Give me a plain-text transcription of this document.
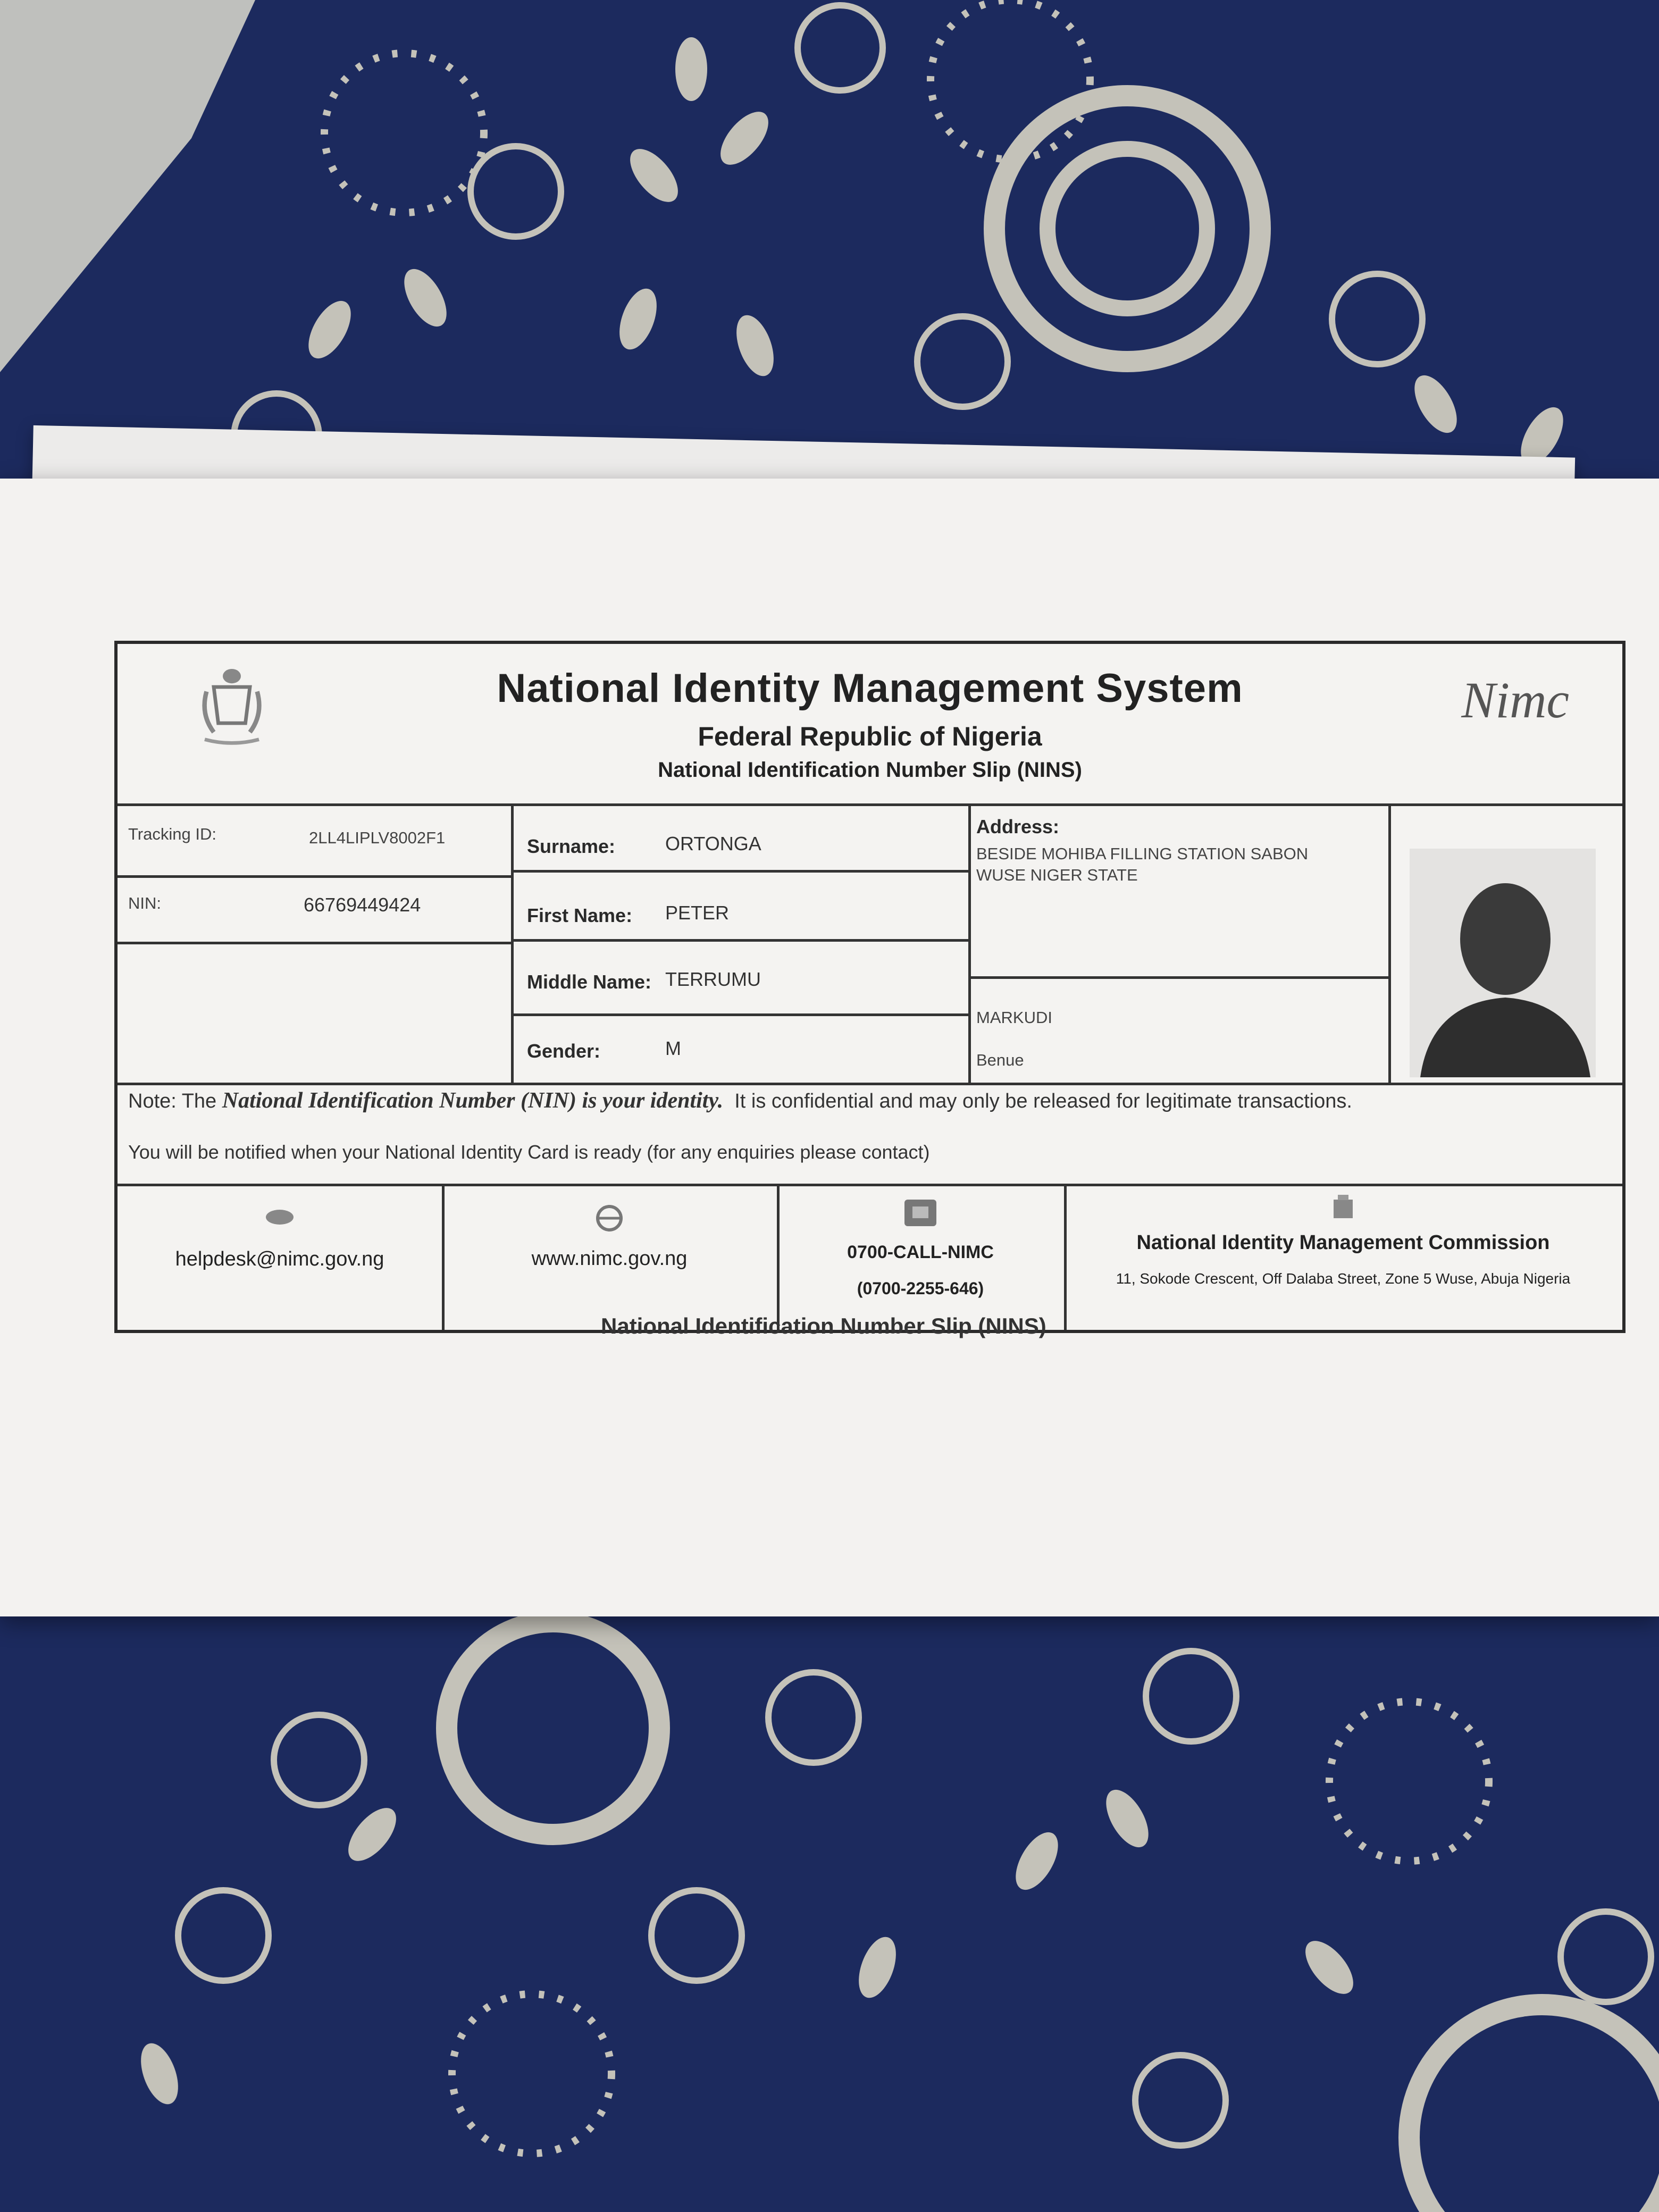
National Identity Management System
Federal Republic of Nigeria
National Identification Number Slip (NINS)
Nimc
Tracking ID:	2LL4LIPLV8002F1
NIN:	66769449424
Surname:	ORTONGA
First Name: PETER
Middle Name: TERRUMU
Gender:	M
Address:
BESIDE MOHIBA FILLING STATION SABON
WUSE NIGER STATE
MARKUDI
Benue
Note: The National Identification Number (NIN) is your identity. It is confidential and may only be released for legitimate transactions.
You will be notified when your National Identity Card is ready (for any enquiries please contact)
helpdesk@nimc.gov.ng	www.nimc.gov.ng	0700-CALL-NIMC
(0700-2255-646)
National Identity Management Commission
11, Sokode Crescent, Off Dalaba Street, Zone 5 Wuse, Abuja Nigeria
National Identification Number Slip (NINS)
